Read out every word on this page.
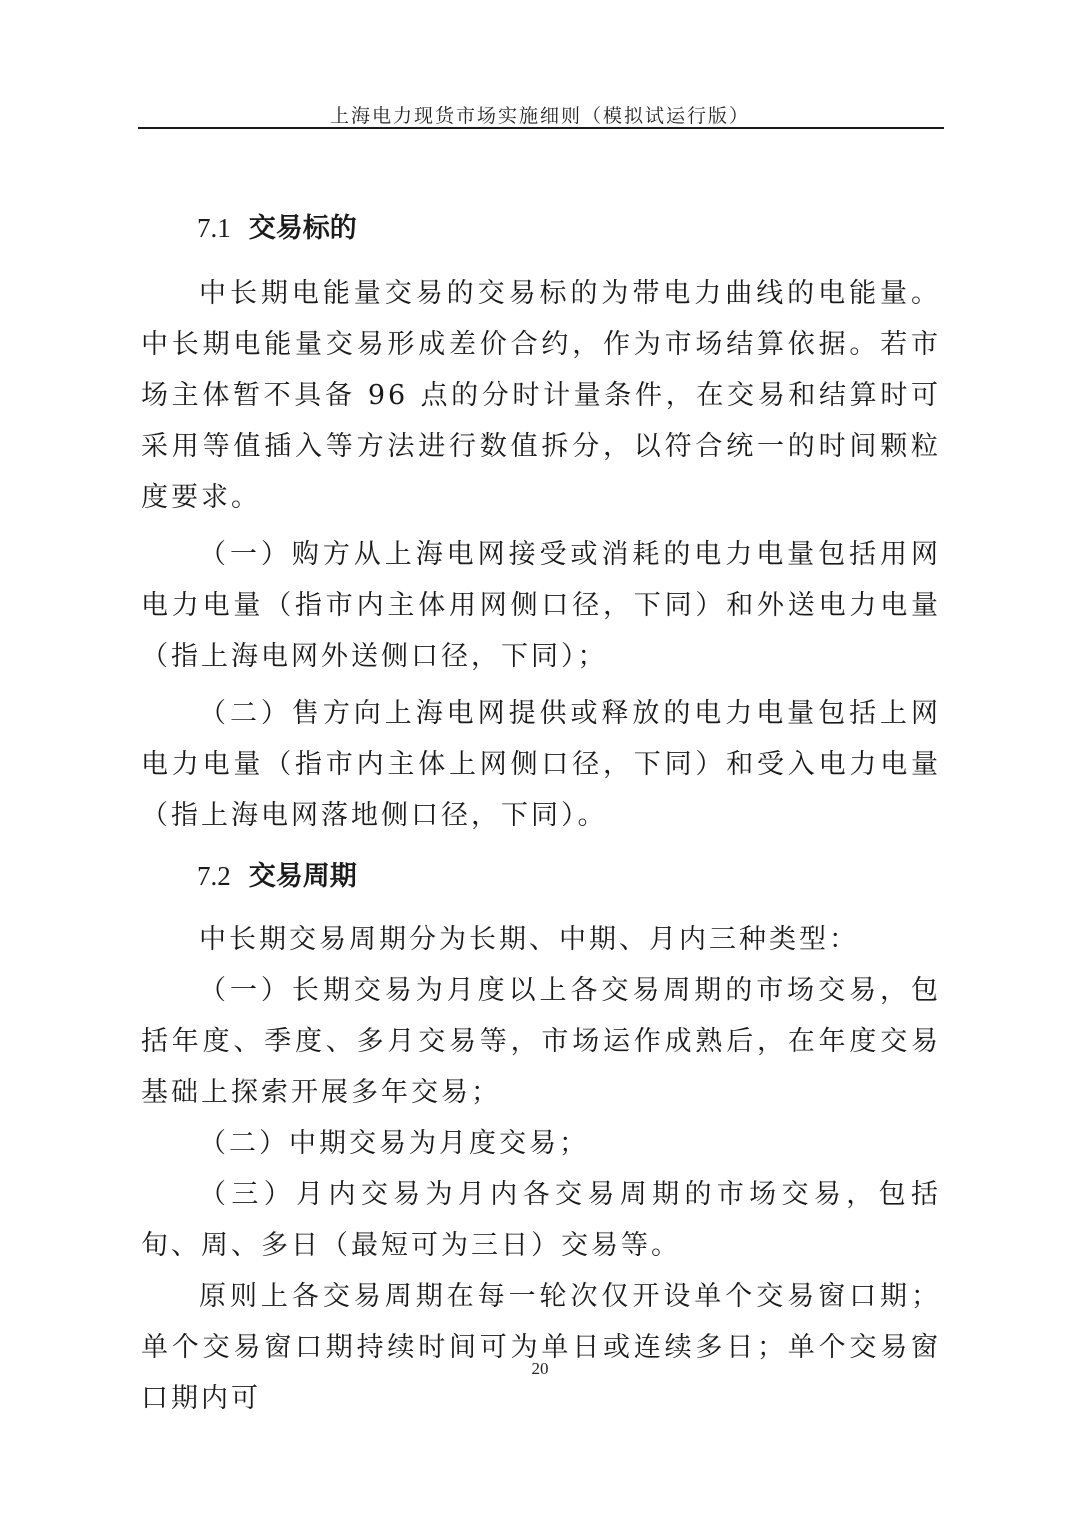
上海电力现货市场实施细则（模拟试运行版）
7.1 交易标的

中长期电能量交易的交易标的为带电力曲线的电能量。中长期电能量交易形成差价合约，作为市场结算依据。若市场主体暂不具备 96 点的分时计量条件，在交易和结算时可采用等值插入等方法进行数值拆分，以符合统一的时间颗粒度要求。

（一）购方从上海电网接受或消耗的电力电量包括用网电力电量（指市内主体用网侧口径，下同）和外送电力电量（指上海电网外送侧口径，下同）；

（二）售方向上海电网提供或释放的电力电量包括上网电力电量（指市内主体上网侧口径，下同）和受入电力电量（指上海电网落地侧口径，下同）。

7.2 交易周期

中长期交易周期分为长期、中期、月内三种类型：

（一）长期交易为月度以上各交易周期的市场交易，包括年度、季度、多月交易等，市场运作成熟后，在年度交易基础上探索开展多年交易；

（二）中期交易为月度交易；

（三）月内交易为月内各交易周期的市场交易，包括旬、周、多日（最短可为三日）交易等。

原则上各交易周期在每一轮次仅开设单个交易窗口期；单个交易窗口期持续时间可为单日或连续多日；单个交易窗口期内可

20
